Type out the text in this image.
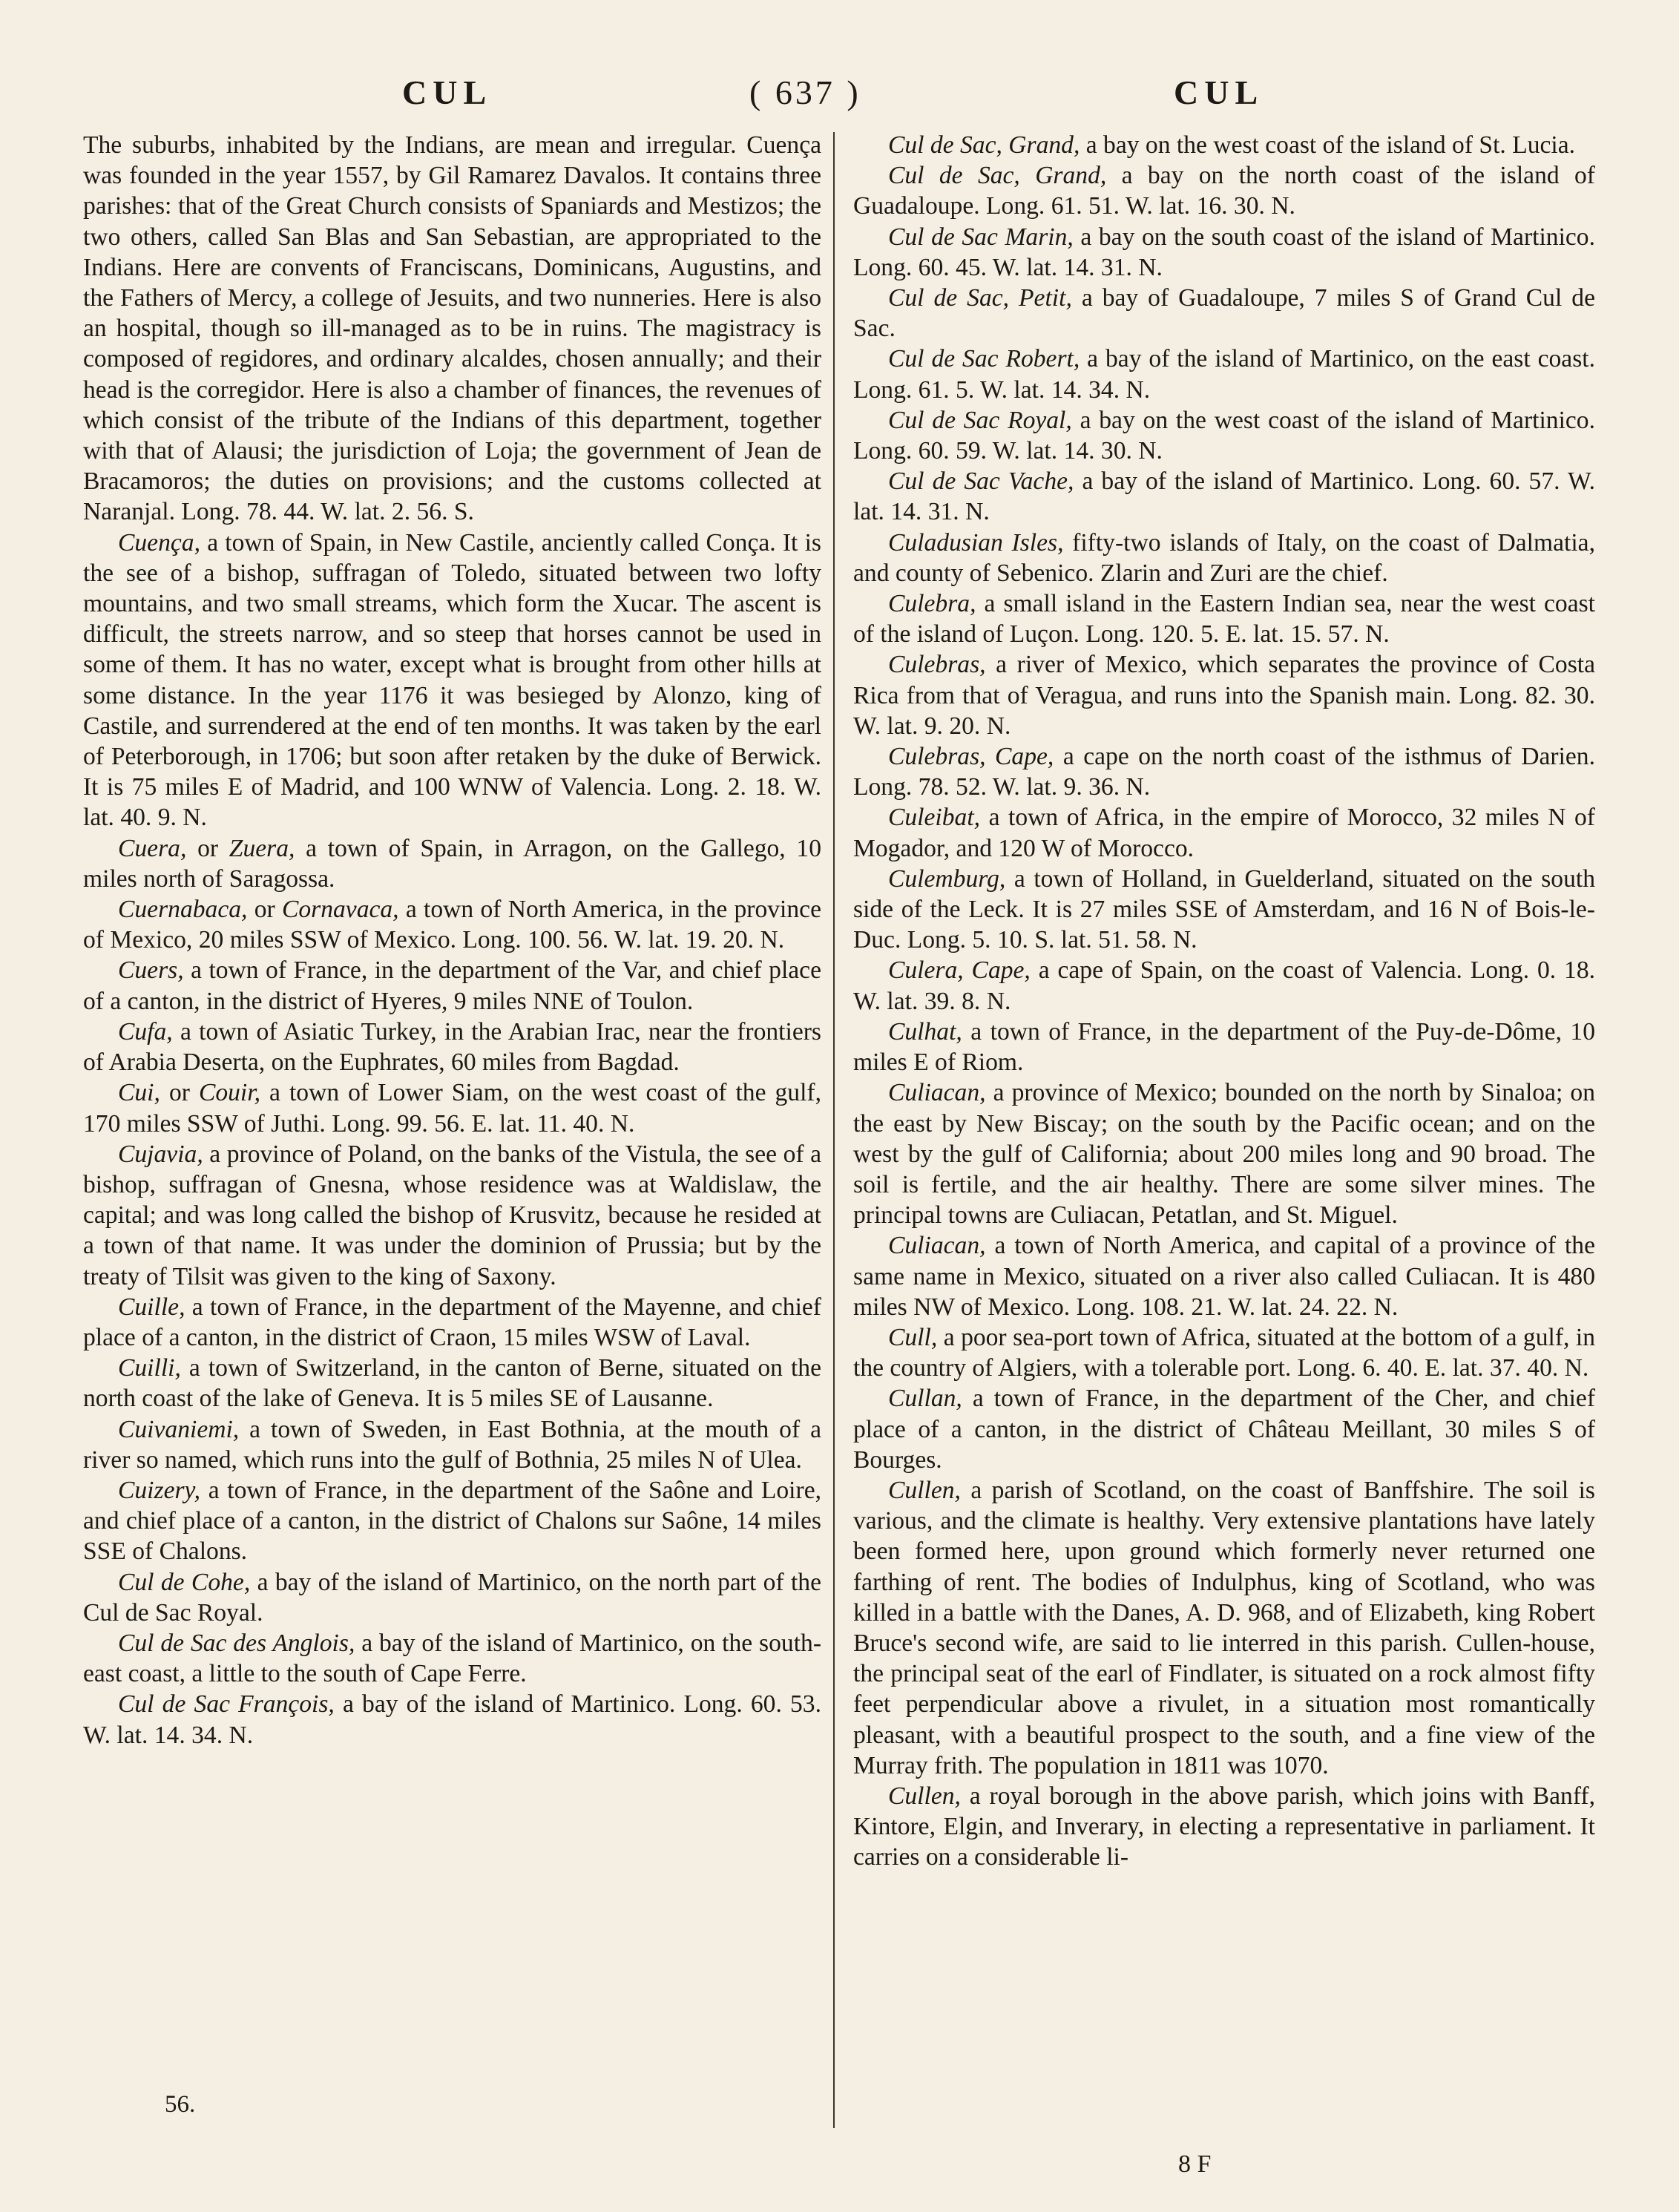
CUL	( 637 )	CUL

The suburbs, inhabited by the Indians, are mean and irregular. Cuença was founded in the year 1557, by Gil Ramarez Davalos. It contains three parishes: that of the Great Church consists of Spaniards and Mestizos; the two others, called San Blas and San Sebastian, are appropriated to the Indians. Here are convents of Franciscans, Dominicans, Augustins, and the Fathers of Mercy, a college of Jesuits, and two nunneries. Here is also an hospital, though so ill-managed as to be in ruins. The magistracy is composed of regidores, and ordinary alcaldes, chosen annually; and their head is the corregidor. Here is also a chamber of finances, the revenues of which consist of the tribute of the Indians of this department, together with that of Alausi; the jurisdiction of Loja; the government of Jean de Bracamoros; the duties on provisions; and the customs collected at Naranjal. Long. 78. 44. W. lat. 2. 56. S.

Cuença, a town of Spain, in New Castile, anciently called Conça. It is the see of a bishop, suffragan of Toledo, situated between two lofty mountains, and two small streams, which form the Xucar. The ascent is difficult, the streets narrow, and so steep that horses cannot be used in some of them. It has no water, except what is brought from other hills at some distance. In the year 1176 it was besieged by Alonzo, king of Castile, and surrendered at the end of ten months. It was taken by the earl of Peterborough, in 1706; but soon after retaken by the duke of Berwick. It is 75 miles E of Madrid, and 100 WNW of Valencia. Long. 2. 18. W. lat. 40. 9. N.

Cuera, or Zuera, a town of Spain, in Arragon, on the Gallego, 10 miles north of Saragossa.

Cuernabaca, or Cornavaca, a town of North America, in the province of Mexico, 20 miles SSW of Mexico. Long. 100. 56. W. lat. 19. 20. N.

Cuers, a town of France, in the department of the Var, and chief place of a canton, in the district of Hyeres, 9 miles NNE of Toulon.

Cufa, a town of Asiatic Turkey, in the Arabian Irac, near the frontiers of Arabia Deserta, on the Euphrates, 60 miles from Bagdad.

Cui, or Couir, a town of Lower Siam, on the west coast of the gulf, 170 miles SSW of Juthi. Long. 99. 56. E. lat. 11. 40. N.

Cujavia, a province of Poland, on the banks of the Vistula, the see of a bishop, suffragan of Gnesna, whose residence was at Waldislaw, the capital; and was long called the bishop of Krusvitz, because he resided at a town of that name. It was under the dominion of Prussia; but by the treaty of Tilsit was given to the king of Saxony.

Cuille, a town of France, in the department of the Mayenne, and chief place of a canton, in the district of Craon, 15 miles WSW of Laval.

Cuilli, a town of Switzerland, in the canton of Berne, situated on the north coast of the lake of Geneva. It is 5 miles SE of Lausanne.

Cuivaniemi, a town of Sweden, in East Bothnia, at the mouth of a river so named, which runs into the gulf of Bothnia, 25 miles N of Ulea.

Cuizery, a town of France, in the department of the Saône and Loire, and chief place of a canton, in the district of Chalons sur Saône, 14 miles SSE of Chalons.

Cul de Cohe, a bay of the island of Martinico, on the north part of the Cul de Sac Royal.

Cul de Sac des Anglois, a bay of the island of Martinico, on the south-east coast, a little to the south of Cape Ferre.

Cul de Sac François, a bay of the island of Martinico. Long. 60. 53. W. lat. 14. 34. N.

Cul de Sac, Grand, a bay on the west coast of the island of St. Lucia.

Cul de Sac, Grand, a bay on the north coast of the island of Guadaloupe. Long. 61. 51. W. lat. 16. 30. N.

Cul de Sac Marin, a bay on the south coast of the island of Martinico. Long. 60. 45. W. lat. 14. 31. N.

Cul de Sac, Petit, a bay of Guadaloupe, 7 miles S of Grand Cul de Sac.

Cul de Sac Robert, a bay of the island of Martinico, on the east coast. Long. 61. 5. W. lat. 14. 34. N.

Cul de Sac Royal, a bay on the west coast of the island of Martinico. Long. 60. 59. W. lat. 14. 30. N.

Cul de Sac Vache, a bay of the island of Martinico. Long. 60. 57. W. lat. 14. 31. N.

Culadusian Isles, fifty-two islands of Italy, on the coast of Dalmatia, and county of Sebenico. Zlarin and Zuri are the chief.

Culebra, a small island in the Eastern Indian sea, near the west coast of the island of Luçon. Long. 120. 5. E. lat. 15. 57. N.

Culebras, a river of Mexico, which separates the province of Costa Rica from that of Veragua, and runs into the Spanish main. Long. 82. 30. W. lat. 9. 20. N.

Culebras, Cape, a cape on the north coast of the isthmus of Darien. Long. 78. 52. W. lat. 9. 36. N.

Culeibat, a town of Africa, in the empire of Morocco, 32 miles N of Mogador, and 120 W of Morocco.

Culemburg, a town of Holland, in Guelderland, situated on the south side of the Leck. It is 27 miles SSE of Amsterdam, and 16 N of Bois-le-Duc. Long. 5. 10. S. lat. 51. 58. N.

Culera, Cape, a cape of Spain, on the coast of Valencia. Long. 0. 18. W. lat. 39. 8. N.

Culhat, a town of France, in the department of the Puy-de-Dôme, 10 miles E of Riom.

Culiacan, a province of Mexico; bounded on the north by Sinaloa; on the east by New Biscay; on the south by the Pacific ocean; and on the west by the gulf of California; about 200 miles long and 90 broad. The soil is fertile, and the air healthy. There are some silver mines. The principal towns are Culiacan, Petatlan, and St. Miguel.

Culiacan, a town of North America, and capital of a province of the same name in Mexico, situated on a river also called Culiacan. It is 480 miles NW of Mexico. Long. 108. 21. W. lat. 24. 22. N.

Cull, a poor sea-port town of Africa, situated at the bottom of a gulf, in the country of Algiers, with a tolerable port. Long. 6. 40. E. lat. 37. 40. N.

Cullan, a town of France, in the department of the Cher, and chief place of a canton, in the district of Château Meillant, 30 miles S of Bourges.

Cullen, a parish of Scotland, on the coast of Banffshire. The soil is various, and the climate is healthy. Very extensive plantations have lately been formed here, upon ground which formerly never returned one farthing of rent. The bodies of Indulphus, king of Scotland, who was killed in a battle with the Danes, A. D. 968, and of Elizabeth, king Robert Bruce's second wife, are said to lie interred in this parish. Cullen-house, the principal seat of the earl of Findlater, is situated on a rock almost fifty feet perpendicular above a rivulet, in a situation most romantically pleasant, with a beautiful prospect to the south, and a fine view of the Murray frith. The population in 1811 was 1070.

Cullen, a royal borough in the above parish, which joins with Banff, Kintore, Elgin, and Inverary, in electing a representative in parliament. It carries on a considerable li-

56.
8 F
